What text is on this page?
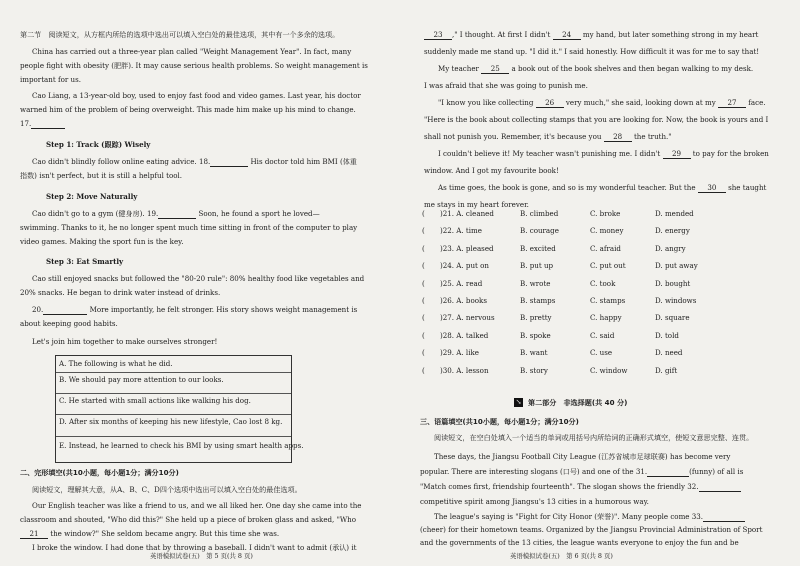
第二节　阅读短文，从方框内所给的选项中选出可以填入空白处的最佳选项，其中有一个多余的选项。
China has carried out a three-year plan called "Weight Management Year". In fact, many
people fight with obesity (肥胖). It may cause serious health problems. So weight management is
important for us.
Cao Liang, a 13-year-old boy, used to enjoy fast food and video games. Last year, his doctor
warned him of the problem of being overweight. This made him make up his mind to change.
17.
Step 1: Track (跟踪) Wisely
Cao didn't blindly follow online eating advice. 18.	His doctor told him BMI (体重
指数) isn't perfect, but it is still a helpful tool.
Step 2: Move Naturally
Cao didn't go to a gym (健身房). 19.	Soon, he found a sport he loved—
swimming. Thanks to it, he no longer spent much time sitting in front of the computer to play
video games. Making the sport fun is the key.
Step 3: Eat Smartly
Cao still enjoyed snacks but followed the "80-20 rule": 80% healthy food like vegetables and
20% snacks. He began to drink water instead of drinks.
20.	More importantly, he felt stronger. His story shows weight management is
about keeping good habits.
Let's join him together to make ourselves stronger!
A. The following is what he did.
B. We should pay more attention to our looks.
C. He started with small actions like walking his dog.
D. After six months of keeping his new lifestyle, Cao lost 8 kg.
E. Instead, he learned to check his BMI by using smart health apps.
二、完形填空(共10小题，每小题1分；满分10分)
阅读短文，理解其大意，从A、B、C、D四个选项中选出可以填入空白处的最佳选项。
Our English teacher was like a friend to us, and we all liked her. One day she came into the
classroom and shouted, "Who did this?" She held up a piece of broken glass and asked, "Who
21 the window?" She seldom became angry. But this time she was.
I broke the window. I had done that by throwing a baseball. I didn't want to admit (承认) it
英语模拟试卷(五)　第 5 页(共 8 页)
23 ," I thought. At first I didn't 24 my hand, but later something strong in my heart
suddenly made me stand up. "I did it." I said honestly. How difficult it was for me to say that!
My teacher 25 a book out of the book shelves and then began walking to my desk.
I was afraid that she was going to punish me.
"I know you like collecting 26 very much," she said, looking down at my 27 face.
"Here is the book about collecting stamps that you are looking for. Now, the book is yours and I
shall not punish you. Remember, it's because you 28 the truth."
I couldn't believe it! My teacher wasn't punishing me. I didn't 29 to pay for the broken
window. And I got my favourite book!
As time goes, the book is gone, and so is my wonderful teacher. But the 30 she taught
me stays in my heart forever.
↘ 第二部分　非选择题(共 40 分)
三、语篇填空(共10小题，每小题1分；满分10分)
阅读短文，在空白处填入一个适当的单词或用括号内所给词的正确形式填空，使短文意思完整、连贯。
These days, the Jiangsu Football City League (江苏省城市足球联赛) has become very
popular. There are interesting slogans (口号) and one of the 31.	(funny) of all is
"Match comes first, friendship fourteenth". The slogan shows the friendly 32.
competitive spirit among Jiangsu's 13 cities in a humorous way.
The league's saying is "Fight for City Honor (荣誉)". Many people come 33.
(cheer) for their hometown teams. Organized by the Jiangsu Provincial Administration of Sport
and the governments of the 13 cities, the league wants everyone to enjoy the fun and be
英语模拟试卷(五)　第 6 页(共 8 页)
( )21. A. cleaned	B. climbed	C. broke	D. mended
( )22. A. time	B. courage	C. money	D. energy
( )23. A. pleased	B. excited	C. afraid	D. angry
( )24. A. put on	B. put up	C. put out	D. put away
( )25. A. read	B. wrote	C. took	D. bought
( )26. A. books	B. stamps	C. stamps	D. windows
( )27. A. nervous	B. pretty	C. happy	D. square
( )28. A. talked	B. spoke	C. said	D. told
( )29. A. like	B. want	C. use	D. need
( )30. A. lesson	B. story	C. window	D. gift
